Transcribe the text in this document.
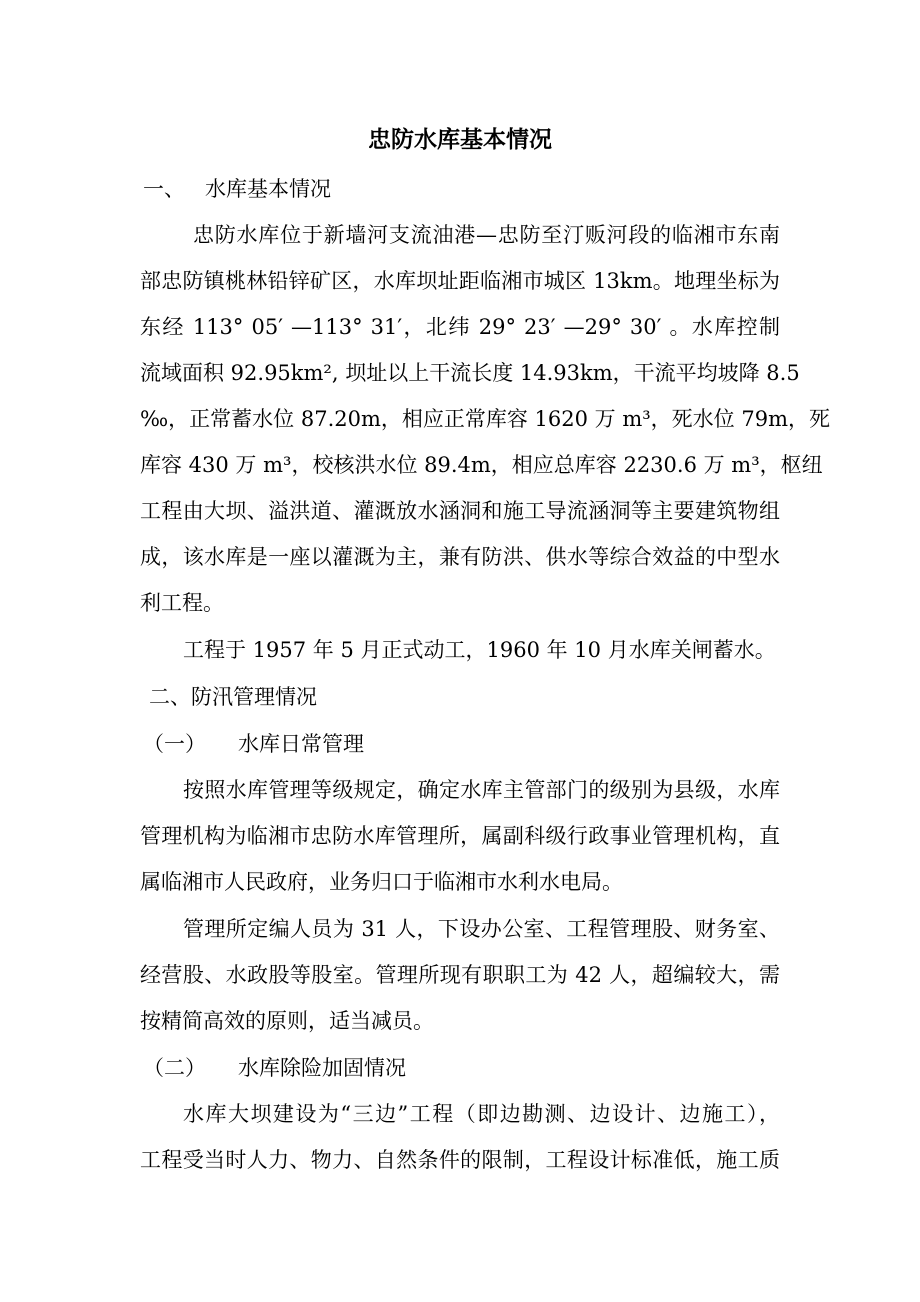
忠防水库基本情况
一、 水库基本情况
忠防水库位于新墙河支流油港—忠防至汀贩河段的临湘市东南
部忠防镇桃林铅锌矿区，水库坝址距临湘市城区 13km。地理坐标为
东经 113° 05′ —113° 31′，北纬 29° 23′ —29° 30′ 。水库控制
流域面积 92.95km², 坝址以上干流长度 14.93km，干流平均坡降 8.5
‰，正常蓄水位 87.20m，相应正常库容 1620 万 m³，死水位 79m，死
库容 430 万 m³，校核洪水位 89.4m，相应总库容 2230.6 万 m³，枢纽
工程由大坝、溢洪道、灌溉放水涵洞和施工导流涵洞等主要建筑物组
成，该水库是一座以灌溉为主，兼有防洪、供水等综合效益的中型水
利工程。
工程于 1957 年 5 月正式动工，1960 年 10 月水库关闸蓄水。
二、防汛管理情况
（一） 水库日常管理
按照水库管理等级规定，确定水库主管部门的级别为县级，水库
管理机构为临湘市忠防水库管理所，属副科级行政事业管理机构，直
属临湘市人民政府，业务归口于临湘市水利水电局。
管理所定编人员为 31 人，下设办公室、工程管理股、财务室、
经营股、水政股等股室。管理所现有职职工为 42 人，超编较大，需
按精简高效的原则，适当减员。
（二） 水库除险加固情况
水库大坝建设为“三边”工程（即边勘测、边设计、边施工），
工程受当时人力、物力、自然条件的限制，工程设计标准低，施工质
